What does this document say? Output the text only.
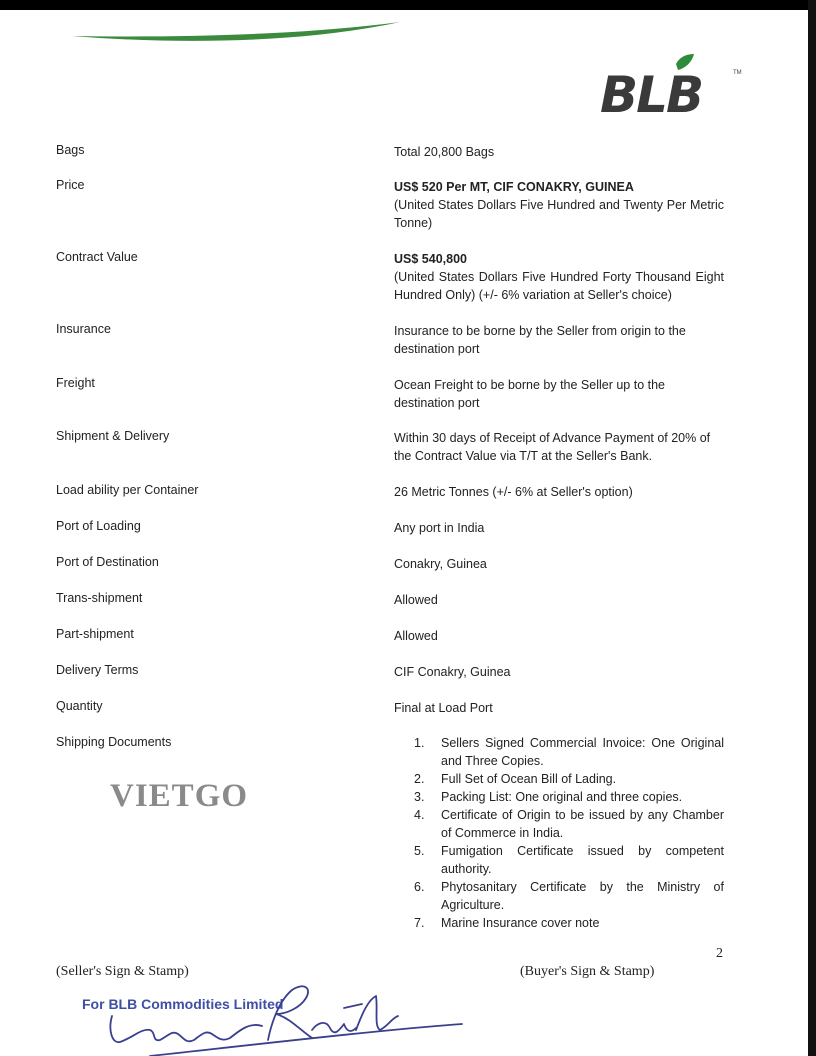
BLB	TM
Bags	Total 20,800 Bags
Price	US$ 520 Per MT, CIF CONAKRY, GUINEA
(United States Dollars Five Hundred and Twenty Per Metric Tonne)
Contract Value	US$ 540,800
(United States Dollars Five Hundred Forty Thousand Eight Hundred Only) (+/- 6% variation at Seller's choice)
Insurance	Insurance to be borne by the Seller from origin to the destination port
Freight	Ocean Freight to be borne by the Seller up to the destination port
Shipment & Delivery	Within 30 days of Receipt of Advance Payment of 20% of the Contract Value via T/T at the Seller's Bank.
Load ability per Container	26 Metric Tonnes (+/- 6% at Seller's option)
Port of Loading	Any port in India
Port of Destination	Conakry, Guinea
Trans-shipment	Allowed
Part-shipment	Allowed
Delivery Terms	CIF Conakry, Guinea
Quantity	Final at Load Port
Shipping Documents	1. Sellers Signed Commercial Invoice: One Original and Three Copies.
2. Full Set of Ocean Bill of Lading.
3. Packing List: One original and three copies.
4. Certificate of Origin to be issued by any Chamber of Commerce in India.
5. Fumigation Certificate issued by competent authority.
6. Phytosanitary Certificate by the Ministry of Agriculture.
7. Marine Insurance cover note
VIETGO
2
(Seller's Sign & Stamp)	(Buyer's Sign & Stamp)
For BLB Commodities Limited
